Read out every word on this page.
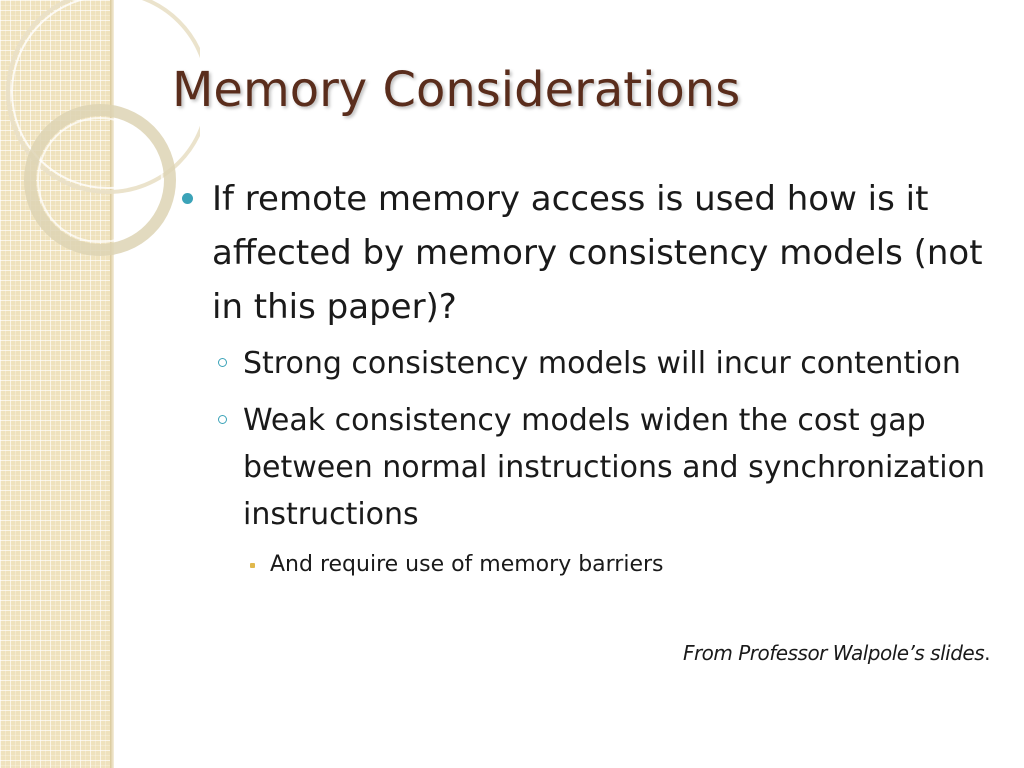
Memory Considerations

If remote memory access is used how is it affected by memory consistency models (not in this paper)?

Strong consistency models will incur contention

Weak consistency models widen the cost gap between normal instructions and synchronization instructions

And require use of memory barriers

From Professor Walpole’s slides.
